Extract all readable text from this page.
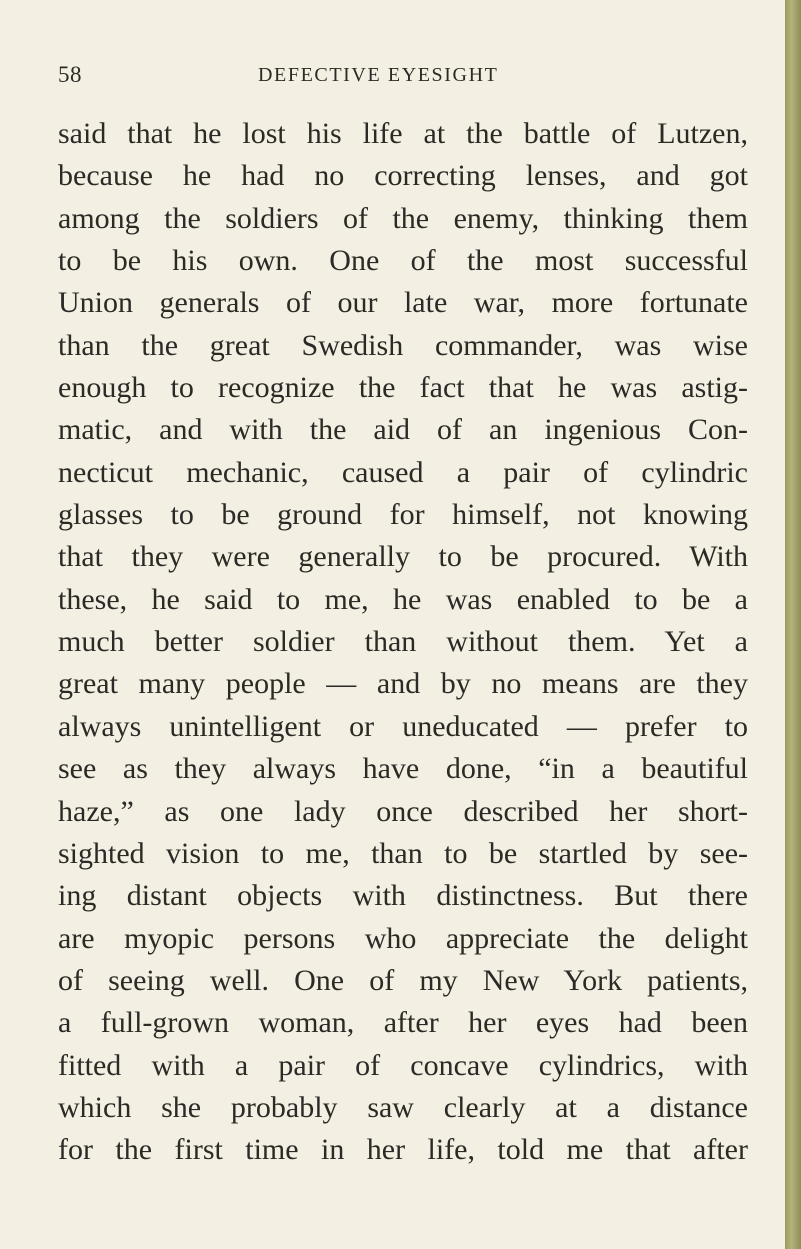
58	DEFECTIVE EYESIGHT
said that he lost his life at the battle of Lutzen,
because he had no correcting lenses, and got
among the soldiers of the enemy, thinking them
to be his own. One of the most successful
Union generals of our late war, more fortunate
than the great Swedish commander, was wise
enough to recognize the fact that he was astig-
matic, and with the aid of an ingenious Con-
necticut mechanic, caused a pair of cylindric
glasses to be ground for himself, not knowing
that they were generally to be procured. With
these, he said to me, he was enabled to be a
much better soldier than without them. Yet a
great many people — and by no means are they
always unintelligent or uneducated — prefer to
see as they always have done, “in a beautiful
haze,” as one lady once described her short-
sighted vision to me, than to be startled by see-
ing distant objects with distinctness. But there
are myopic persons who appreciate the delight
of seeing well. One of my New York patients,
a full-grown woman, after her eyes had been
fitted with a pair of concave cylindrics, with
which she probably saw clearly at a distance
for the first time in her life, told me that after
